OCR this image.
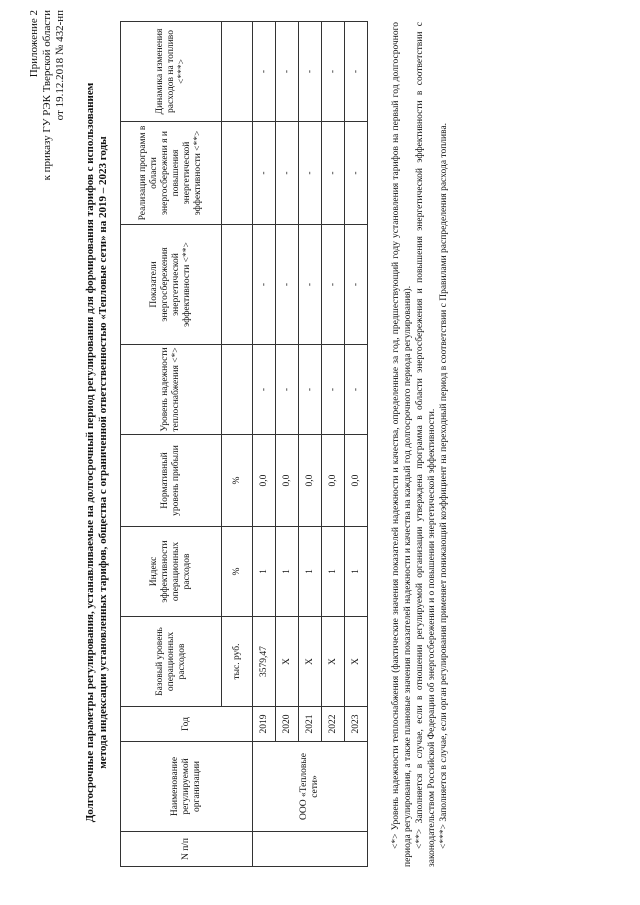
Приложение 2 к приказу ГУ РЭК Тверской области от 19.12.2018 № 432-нп
Долгосрочные параметры регулирования, устанавливаемые на долгосрочный период регулирования для формирования тарифов с использованием метода индексации установленных тарифов, общества с ограниченной ответственностью «Тепловые сети» на 2019 – 2023 годы
N п/п	Наименование регулируемой организации	Год	Базовый уровень операционных расходов	Индекс эффективности операционных расходов	Нормативный уровень прибыли	Уровень надежности теплоснабжения <*>	Показатели энергосбережения энергетической эффективности <**>	Реализация программ в области энергосбережени я и повышения энергетической эффективности <**>	Динамика изменения расходов на топливо <***>
			тыс. руб.	%	%				
	ООО «Тепловые сети»	2019	3579,47	1	0,0	-	-	-	-
		2020	Х	1	0,0	-	-	-	-
		2021	Х	1	0,0	-	-	-	-
		2022	Х	1	0,0	-	-	-	-
		2023	Х	1	0,0	-	-	-	-	<*> Уровень надежности теплоснабжения (фактические значения показателей надежности и качества, определенные за год, предшествующий году установления тарифов на первый год долгосрочного периода регулирования, а также плановые значения показателей надежности и качества на каждый год долгосрочного периода регулирования). <**> Заполняется в случае, если в отношении регулируемой организации утверждена программа в области энергосбережения и повышения энергетической эффективности в соответствии с законодательством Российской Федерации об энергосбережении и о повышении энергетической эффективности. <***> Заполняется в случае, если орган регулирования применяет понижающий коэффициент на переходный период в соответствии с Правилами распределения расхода топлива.
